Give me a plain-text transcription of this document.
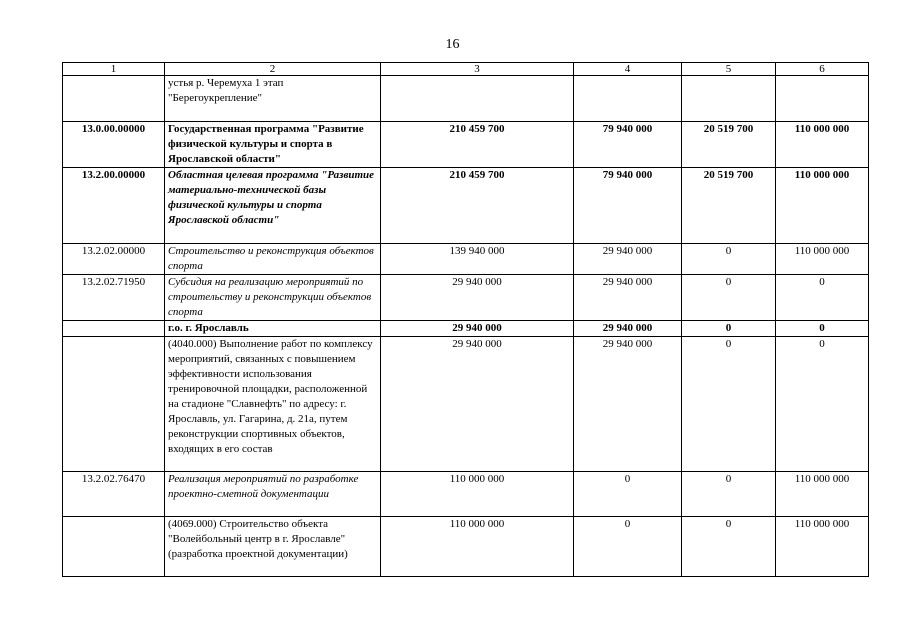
16
1	2	3	4	5	6
	устья р. Черемуха 1 этап "Берегоукрепление"				
13.0.00.00000	Государственная программа "Развитие физической культуры и спорта в Ярославской области"	210 459 700	79 940 000	20 519 700	110 000 000
13.2.00.00000	Областная целевая программа "Развитие материально-технической базы физической культуры и спорта Ярославской области"	210 459 700	79 940 000	20 519 700	110 000 000
13.2.02.00000	Строительство и реконструкция объектов спорта	139 940 000	29 940 000	0	110 000 000
13.2.02.71950	Субсидия на реализацию мероприятий по строительству и реконструкции объектов спорта	29 940 000	29 940 000	0	0
	г.о. г. Ярославль	29 940 000	29 940 000	0	0
	(4040.000) Выполнение работ по комплексу мероприятий, связанных с повышением эффективности использования тренировочной площадки, расположенной на стадионе "Славнефть" по адресу: г. Ярославль, ул. Гагарина, д. 21а, путем реконструкции спортивных объектов, входящих в его состав	29 940 000	29 940 000	0	0
13.2.02.76470	Реализация мероприятий по разработке проектно-сметной документации	110 000 000	0	0	110 000 000
	(4069.000) Строительство объекта "Волейбольный центр в г. Ярославле" (разработка проектной документации)	110 000 000	0	0	110 000 000
